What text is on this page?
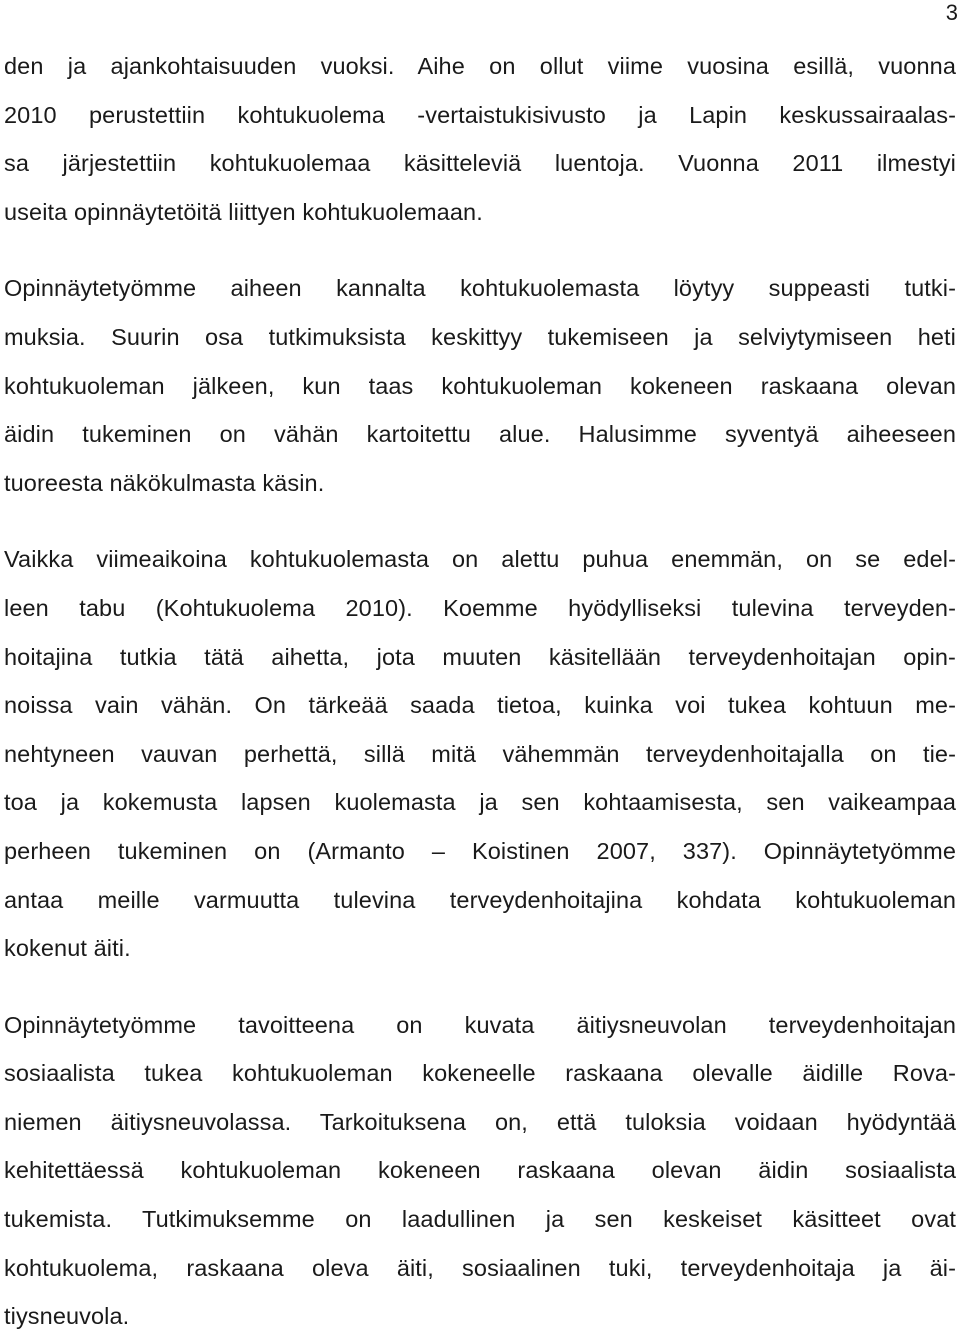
3

den ja ajankohtaisuuden vuoksi. Aihe on ollut viime vuosina esillä, vuonna
2010 perustettiin kohtukuolema -vertaistukisivusto ja Lapin keskussairaalas-
sa järjestettiin kohtukuolemaa käsitteleviä luentoja. Vuonna 2011 ilmestyi
useita opinnäytetöitä liittyen kohtukuolemaan.

Opinnäytetyömme aiheen kannalta kohtukuolemasta löytyy suppeasti tutki-
muksia. Suurin osa tutkimuksista keskittyy tukemiseen ja selviytymiseen heti
kohtukuoleman jälkeen, kun taas kohtukuoleman kokeneen raskaana olevan
äidin tukeminen on vähän kartoitettu alue. Halusimme syventyä aiheeseen
tuoreesta näkökulmasta käsin.

Vaikka viimeaikoina kohtukuolemasta on alettu puhua enemmän, on se edel-
leen tabu (Kohtukuolema 2010). Koemme hyödylliseksi tulevina terveyden-
hoitajina tutkia tätä aihetta, jota muuten käsitellään terveydenhoitajan opin-
noissa vain vähän. On tärkeää saada tietoa, kuinka voi tukea kohtuun me-
nehtyneen vauvan perhettä, sillä mitä vähemmän terveydenhoitajalla on tie-
toa ja kokemusta lapsen kuolemasta ja sen kohtaamisesta, sen vaikeampaa
perheen tukeminen on (Armanto – Koistinen 2007, 337). Opinnäytetyömme
antaa meille varmuutta tulevina terveydenhoitajina kohdata kohtukuoleman
kokenut äiti.

Opinnäytetyömme tavoitteena on kuvata äitiysneuvolan terveydenhoitajan
sosiaalista tukea kohtukuoleman kokeneelle raskaana olevalle äidille Rova-
niemen äitiysneuvolassa. Tarkoituksena on, että tuloksia voidaan hyödyntää
kehitettäessä kohtukuoleman kokeneen raskaana olevan äidin sosiaalista
tukemista. Tutkimuksemme on laadullinen ja sen keskeiset käsitteet ovat
kohtukuolema, raskaana oleva äiti, sosiaalinen tuki, terveydenhoitaja ja äi-
tiysneuvola.
